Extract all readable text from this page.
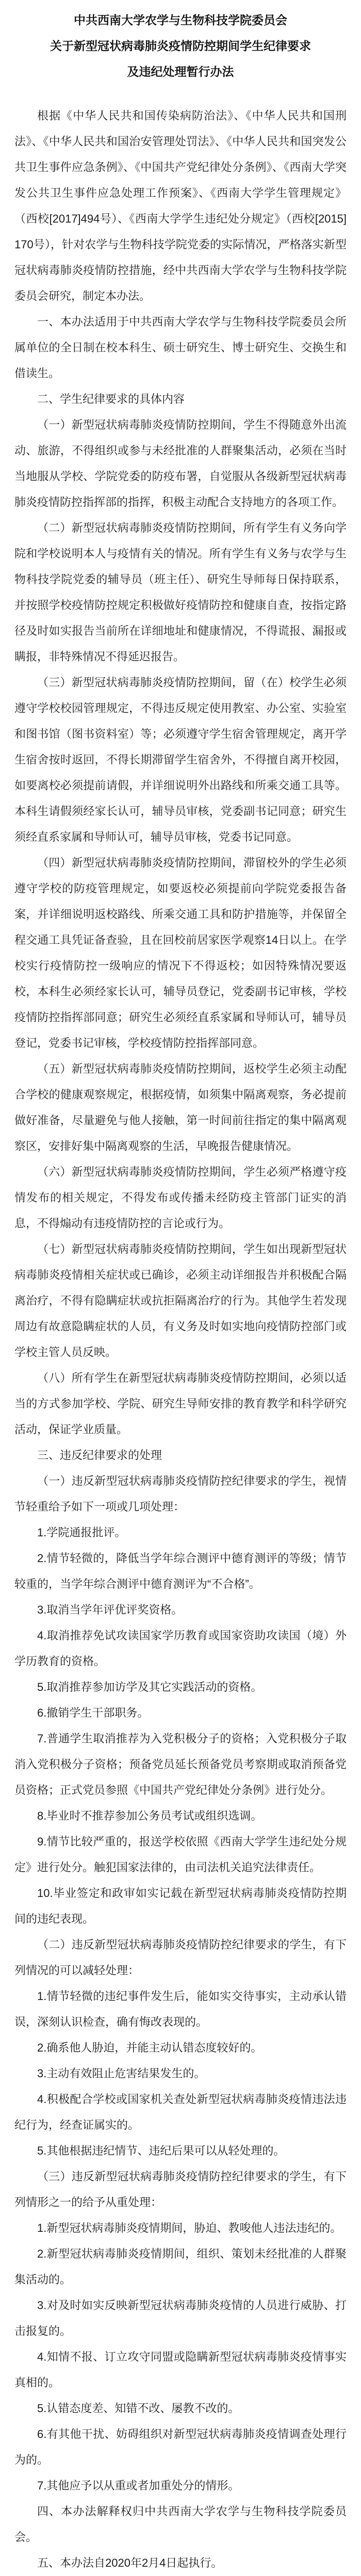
中共西南大学农学与生物科技学院委员会
关于新型冠状病毒肺炎疫情防控期间学生纪律要求
及违纪处理暂行办法

根据《中华人民共和国传染病防治法》、《中华人民共和国刑法》、《中华人民共和国治安管理处罚法》、《中华人民共和国突发公共卫生事件应急条例》、《中国共产党纪律处分条例》、《西南大学突发公共卫生事件应急处理工作预案》、《西南大学学生管理规定》（西校[2017]494号）、《西南大学学生违纪处分规定》（西校[2015]170号），针对农学与生物科技学院党委的实际情况，严格落实新型冠状病毒肺炎疫情防控措施，经中共西南大学农学与生物科技学院委员会研究，制定本办法。

一、本办法适用于中共西南大学农学与生物科技学院委员会所属单位的全日制在校本科生、硕士研究生、博士研究生、交换生和借读生。

二、学生纪律要求的具体内容

（一）新型冠状病毒肺炎疫情防控期间，学生不得随意外出流动、旅游，不得组织或参与未经批准的人群聚集活动，必须在当时当地服从学校、学院党委的防疫布署，自觉服从各级新型冠状病毒肺炎疫情防控指挥部的指挥，积极主动配合支持地方的各项工作。

（二）新型冠状病毒肺炎疫情防控期间，所有学生有义务向学院和学校说明本人与疫情有关的情况。所有学生有义务与农学与生物科技学院党委的辅导员（班主任）、研究生导师每日保持联系，并按照学校疫情防控规定积极做好疫情防控和健康自查，按指定路径及时如实报告当前所在详细地址和健康情况，不得谎报、漏报或瞒报，非特殊情况不得延迟报告。

（三）新型冠状病毒肺炎疫情防控期间，留（在）校学生必须遵守学校校园管理规定，不得违反规定使用教室、办公室、实验室和图书馆（图书资料室）等；必须遵守学生宿舍管理规定，离开学生宿舍按时返回，不得长期滞留学生宿舍外，不得擅自离开校园，如要离校必须提前请假，并详细说明外出路线和所乘交通工具等。本科生请假须经家长认可，辅导员审核，党委副书记同意；研究生须经直系家属和导师认可，辅导员审核，党委书记同意。

（四）新型冠状病毒肺炎疫情防控期间，滞留校外的学生必须遵守学校的防疫管理规定，如要返校必须提前向学院党委报告备案，并详细说明返校路线、所乘交通工具和防护措施等，并保留全程交通工具凭证备查验，且在回校前居家医学观察14日以上。在学校实行疫情防控一级响应的情况下不得返校；如因特殊情况要返校，本科生必须经家长认可，辅导员登记，党委副书记审核，学校疫情防控指挥部同意；研究生必须经直系家属和导师认可，辅导员登记，党委书记审核，学校疫情防控指挥部同意。

（五）新型冠状病毒肺炎疫情防控期间，返校学生必须主动配合学校的健康观察规定，根据疫情，如须集中隔离观察，务必提前做好准备，尽量避免与他人接触，第一时间前往指定的集中隔离观察区，安排好集中隔离观察的生活，早晚报告健康情况。

（六）新型冠状病毒肺炎疫情防控期间，学生必须严格遵守疫情发布的相关规定，不得发布或传播未经防疫主管部门证实的消息，不得煽动有违疫情防控的言论或行为。

（七）新型冠状病毒肺炎疫情防控期间，学生如出现新型冠状病毒肺炎疫情相关症状或已确诊，必须主动详细报告并积极配合隔离治疗，不得有隐瞒症状或抗拒隔离治疗的行为。其他学生若发现周边有故意隐瞒症状的人员，有义务及时如实地向疫情防控部门或学校主管人员反映。

（八）所有学生在新型冠状病毒肺炎疫情防控期间，必须以适当的方式参加学校、学院、研究生导师安排的教育教学和科学研究活动，保证学业质量。

三、违反纪律要求的处理

（一）违反新型冠状病毒肺炎疫情防控纪律要求的学生，视情节轻重给予如下一项或几项处理：

1.学院通报批评。

2.情节轻微的，降低当学年综合测评中德育测评的等级；情节较重的，当学年综合测评中德育测评为“不合格”。

3.取消当学年评优评奖资格。

4.取消推荐免试攻读国家学历教育或国家资助攻读国（境）外学历教育的资格。

5.取消推荐参加访学及其它实践活动的资格。

6.撤销学生干部职务。

7.普通学生取消推荐为入党积极分子的资格；入党积极分子取消入党积极分子资格；预备党员延长预备党员考察期或取消预备党员资格；正式党员参照《中国共产党纪律处分条例》进行处分。

8.毕业时不推荐参加公务员考试或组织选调。

9.情节比较严重的，报送学校依照《西南大学学生违纪处分规定》进行处分。触犯国家法律的，由司法机关追究法律责任。

10.毕业签定和政审如实记载在新型冠状病毒肺炎疫情防控期间的违纪表现。

（二）违反新型冠状病毒肺炎疫情防控纪律要求的学生，有下列情况的可以减轻处理：

1.情节轻微的违纪事件发生后，能如实交待事实，主动承认错误，深刻认识检查，确有悔改表现的。

2.确系他人胁迫，并能主动认错态度较好的。

3.主动有效阻止危害结果发生的。

4.积极配合学校或国家机关查处新型冠状病毒肺炎疫情违法违纪行为，经查证属实的。

5.其他根据违纪情节、违纪后果可以从轻处理的。

（三）违反新型冠状病毒肺炎疫情防控纪律要求的学生，有下列情形之一的给予从重处理：

1.新型冠状病毒肺炎疫情期间，胁迫、教唆他人违法违纪的。

2.新型冠状病毒肺炎疫情期间，组织、策划未经批准的人群聚集活动的。

3.对及时如实反映新型冠状病毒肺炎疫情的人员进行威胁、打击报复的。

4.知情不报、订立攻守同盟或隐瞒新型冠状病毒肺炎疫情事实真相的。

5.认错态度差、知错不改、屡教不改的。

6.有其他干扰、妨碍组织对新型冠状病毒肺炎疫情调查处理行为的。

7.其他应予以从重或者加重处分的情形。

四、本办法解释权归中共西南大学农学与生物科技学院委员会。

五、本办法自2020年2月4日起执行。
